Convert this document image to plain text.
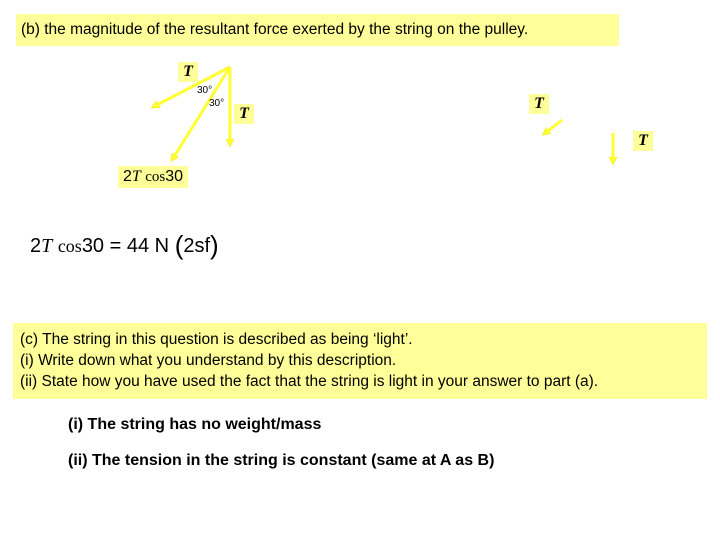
(b) the magnitude of the resultant force exerted by the string on the pulley.
T
T
T
T
30°
30°
2T cos30
2T cos30 = 44 N (2sf)
(c) The string in this question is described as being ‘light’.
(i) Write down what you understand by this description.
(ii) State how you have used the fact that the string is light in your answer to part (a).
(i) The string has no weight/mass
(ii) The tension in the string is constant (same at A as B)
